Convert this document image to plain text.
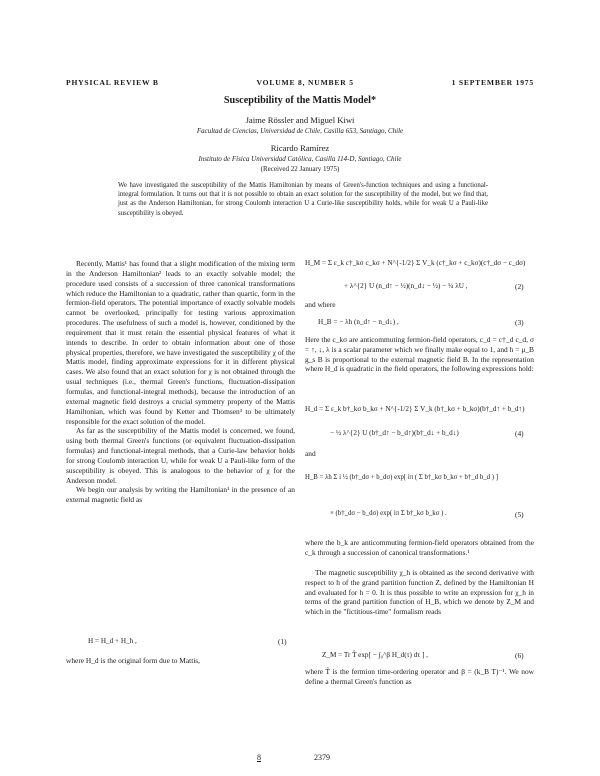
PHYSICAL REVIEW B	VOLUME 8, NUMBER 5	1 SEPTEMBER 1975
Susceptibility of the Mattis Model*
Jaime Rössler and Miguel Kiwi
Facultad de Ciencias, Universidad de Chile, Casilla 653, Santiago, Chile
Ricardo Ramírez
Instituto de Física Universidad Católica, Casilla 114-D, Santiago, Chile
(Received 22 January 1975)
We have investigated the susceptibility of the Mattis Hamiltonian by means of Green's-function techniques and using a functional-integral formulation. It turns out that it is not possible to obtain an exact solution for the susceptibility of the model, but we find that, just as the Anderson Hamiltonian, for strong Coulomb interaction U a Curie-like susceptibility holds, while for weak U a Pauli-like susceptibility is obeyed.

Recently, Mattis¹ has found that a slight modification of the mixing term in the Anderson Hamiltonian² leads to an exactly solvable model; the procedure used consists of a succession of three canonical transformations which reduce the Hamiltonian to a quadratic, rather than quartic, form in the fermion-field operators. The potential importance of exactly solvable models cannot be overlooked, principally for testing various approximation procedures. The usefulness of such a model is, however, conditioned by the requirement that it must retain the essential physical features of what it intends to describe. In order to obtain information about one of those physical properties, therefore, we have investigated the susceptibility χ of the Mattis model, finding approximate expressions for it in different physical cases. We also found that an exact solution for χ is not obtained through the usual techniques (i.e., thermal Green's functions, fluctuation-dissipation formulas, and functional-integral methods), because the introduction of an external magnetic field destroys a crucial symmetry property of the Mattis Hamiltonian, which was found by Ketter and Thomsen³ to be ultimately responsible for the exact solution of the model.

As far as the susceptibility of the Mattis model is concerned, we found, using both thermal Green's functions (or equivalent fluctuation-dissipation formulas) and functional-integral methods, that a Curie-law behavior holds for strong Coulomb interaction U, while for weak U a Pauli-like form of the susceptibility is obeyed. This is analogous to the behavior of χ for the Anderson model.

We begin our analysis by writing the Hamiltonian¹ in the presence of an external magnetic field as

H = H_d + H_h ,	(1)
where H_d is the original form due to Mattis,
H_M = Σ ε_k c†_kσ c_kσ + N^{-1/2} Σ V_k (c†_kσ + c_kσ)(c†_dσ − c_dσ)
+ λ^{2} U (n_d↑ − ½)(n_d↓ − ½) − ¼ λU ,	(2)
and where
H_B = − λh (n_d↑ − n_d↓) ,	(3)
Here the c_kσ are anticommuting fermion-field operators, c_d = c†_d c_d, σ = ↑, ↓, λ is a scalar parameter which we finally make equal to 1, and h = μ_B g_s B is proportional to the external magnetic field B. In the representation where H_d is quadratic in the field operators, the following expressions hold:
H_d = Σ ε_k b†_kσ b_kσ + N^{-1/2} Σ V_k (b†_kσ + b_kσ)(b†_d↑ + b_d↑)
− ½ λ^{2} U (b†_d↑ − b_d↑)(b†_d↓ + b_d↓)	(4)
and
H_B = λh Σ i ½ (b†_dσ + b_dσ) exp[ iπ ( Σ b†_kσ b_kσ + b†_d b_d ) ]
× (b†_dσ − b_dσ) exp( iπ Σ b†_kσ b_kσ ) .	(5)
where the b_k are anticommuting fermion-field operators obtained from the c_k through a succession of canonical transformations.¹
The magnetic susceptibility χ_h is obtained as the second derivative with respect to h of the grand partition function Z, defined by the Hamiltonian H and evaluated for h = 0. It is thus possible to write an expression for χ_h in terms of the grand partition function of H_B, which we denote by Z_M and which in the "fictitious-time" formalism reads
Z_M = Tr T̂ exp[ − ∫₀^β H_d(τ) dτ ] ,	(6)
where T̂ is the fermion time-ordering operator and β = (k_B T)⁻¹. We now define a thermal Green's function as
8	2379
